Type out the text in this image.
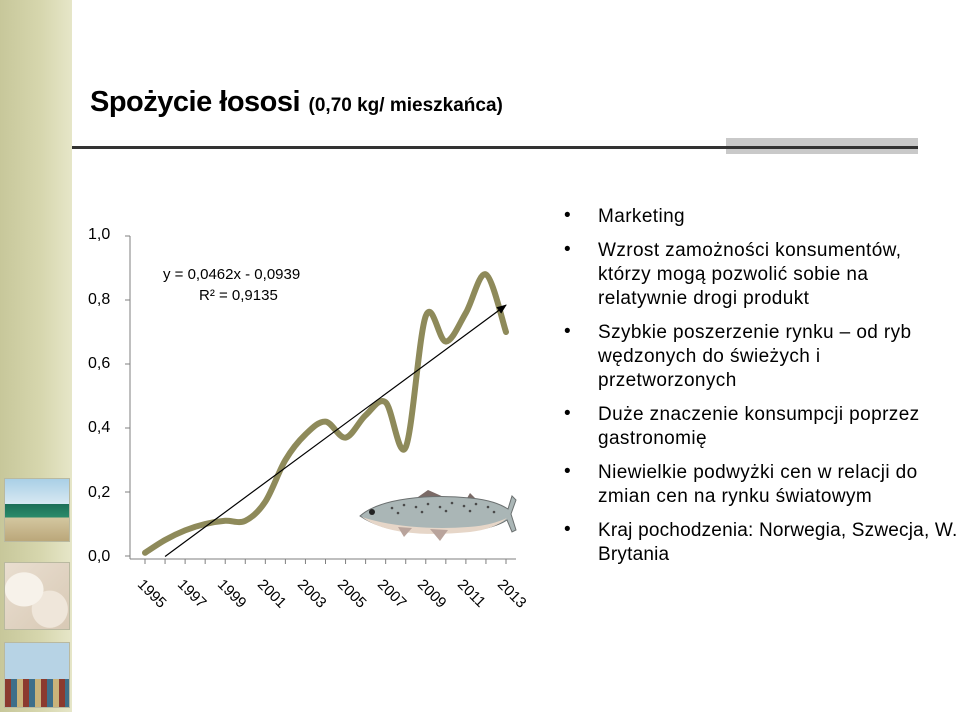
Spożycie łososi (0,70 kg/ mieszkańca)
0,0
0,2
0,4
0,6
0,8
1,0
y = 0,0462x - 0,0939
R² = 0,9135
1995 1997 1999 2001 2003 2005 2007 2009 2011 2013
• Marketing
• Wzrost zamożności konsumentów, którzy mogą pozwolić sobie na relatywnie drogi produkt
• Szybkie poszerzenie rynku – od ryb wędzonych do świeżych i przetworzonych
• Duże znaczenie konsumpcji poprzez gastronomię
• Niewielkie podwyżki cen w relacji do zmian cen na rynku światowym
• Kraj pochodzenia: Norwegia, Szwecja, W. Brytania
